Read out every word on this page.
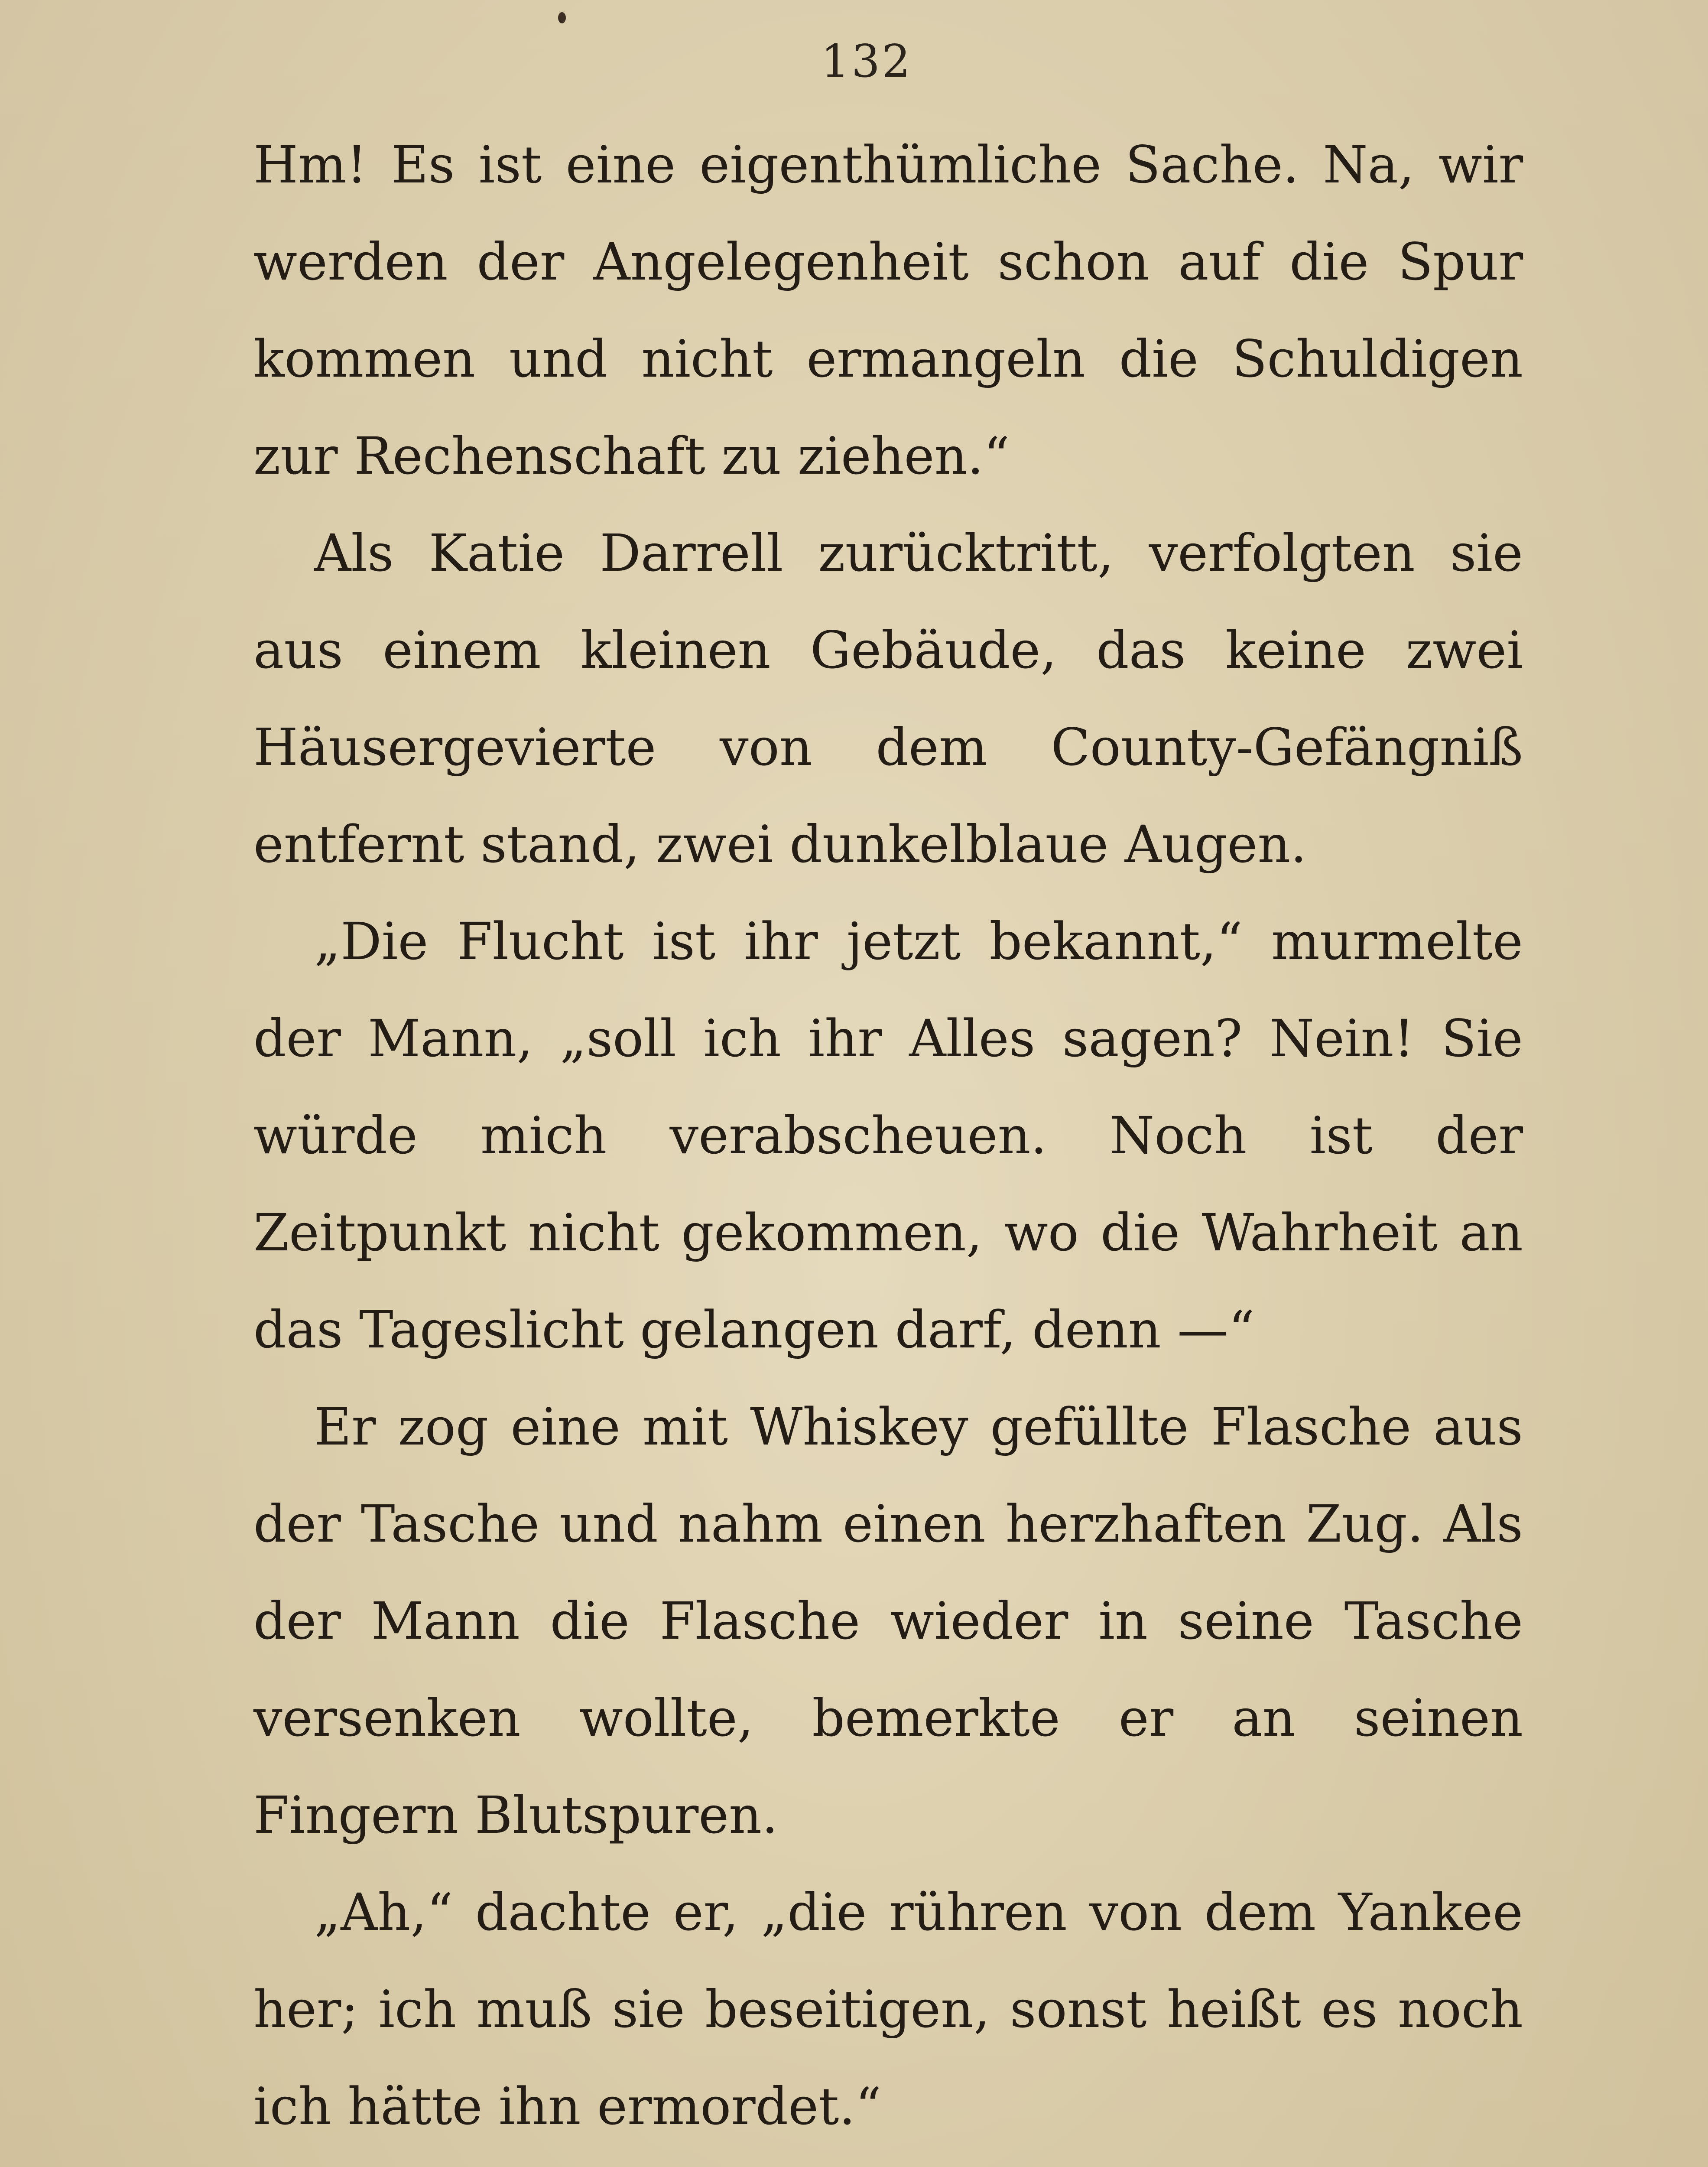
132

Hm! Es ist eine eigenthümliche Sache. Na, wir werden der Angelegenheit schon auf die Spur kommen und nicht ermangeln die Schuldigen zur Rechenschaft zu ziehen.“

Als Katie Darrell zurücktritt, verfolgten sie aus einem kleinen Gebäude, das keine zwei Häusergevierte von dem County-Gefängniß entfernt stand, zwei dunkelblaue Augen.

„Die Flucht ist ihr jetzt bekannt,“ murmelte der Mann, „soll ich ihr Alles sagen? Nein! Sie würde mich verabscheuen. Noch ist der Zeitpunkt nicht gekommen, wo die Wahrheit an das Tageslicht gelangen darf, denn —“

Er zog eine mit Whiskey gefüllte Flasche aus der Tasche und nahm einen herzhaften Zug. Als der Mann die Flasche wieder in seine Tasche versenken wollte, bemerkte er an seinen Fingern Blutspuren.

„Ah,“ dachte er, „die rühren von dem Yankee her; ich muß sie beseitigen, sonst heißt es noch ich hätte ihn ermordet.“
